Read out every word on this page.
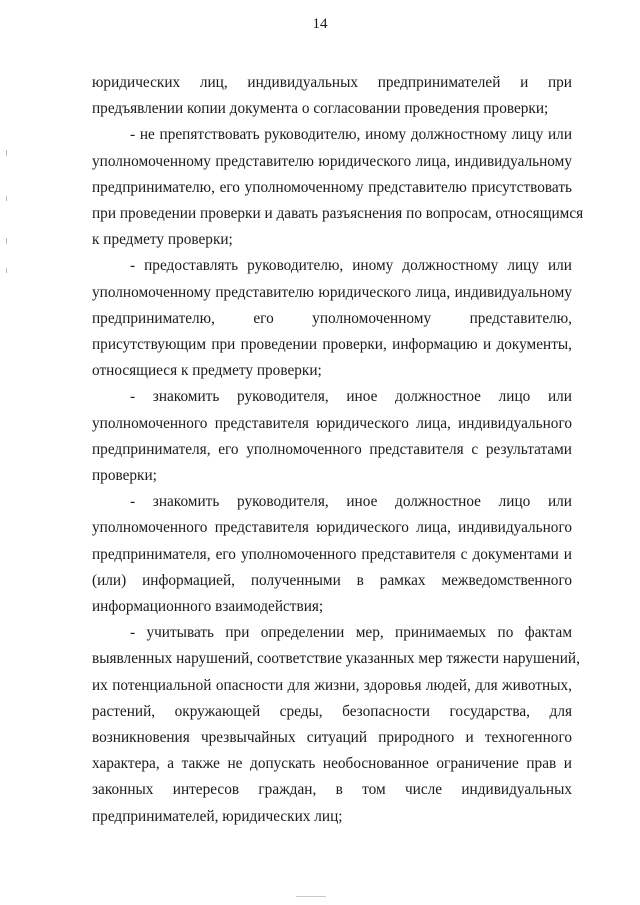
14

юридических лиц, индивидуальных предпринимателей и при
предъявлении копии документа о согласовании проведения проверки;

- не препятствовать руководителю, иному должностному лицу или
уполномоченному представителю юридического лица, индивидуальному
предпринимателю, его уполномоченному представителю присутствовать
при проведении проверки и давать разъяснения по вопросам, относящимся
к предмету проверки;

- предоставлять руководителю, иному должностному лицу или
уполномоченному представителю юридического лица, индивидуальному
предпринимателю, его уполномоченному представителю,
присутствующим при проведении проверки, информацию и документы,
относящиеся к предмету проверки;

- знакомить руководителя, иное должностное лицо или
уполномоченного представителя юридического лица, индивидуального
предпринимателя, его уполномоченного представителя с результатами
проверки;

- знакомить руководителя, иное должностное лицо или
уполномоченного представителя юридического лица, индивидуального
предпринимателя, его уполномоченного представителя с документами и
(или) информацией, полученными в рамках межведомственного
информационного взаимодействия;

- учитывать при определении мер, принимаемых по фактам
выявленных нарушений, соответствие указанных мер тяжести нарушений,
их потенциальной опасности для жизни, здоровья людей, для животных,
растений, окружающей среды, безопасности государства, для
возникновения чрезвычайных ситуаций природного и техногенного
характера, а также не допускать необоснованное ограничение прав и
законных интересов граждан, в том числе индивидуальных
предпринимателей, юридических лиц;
